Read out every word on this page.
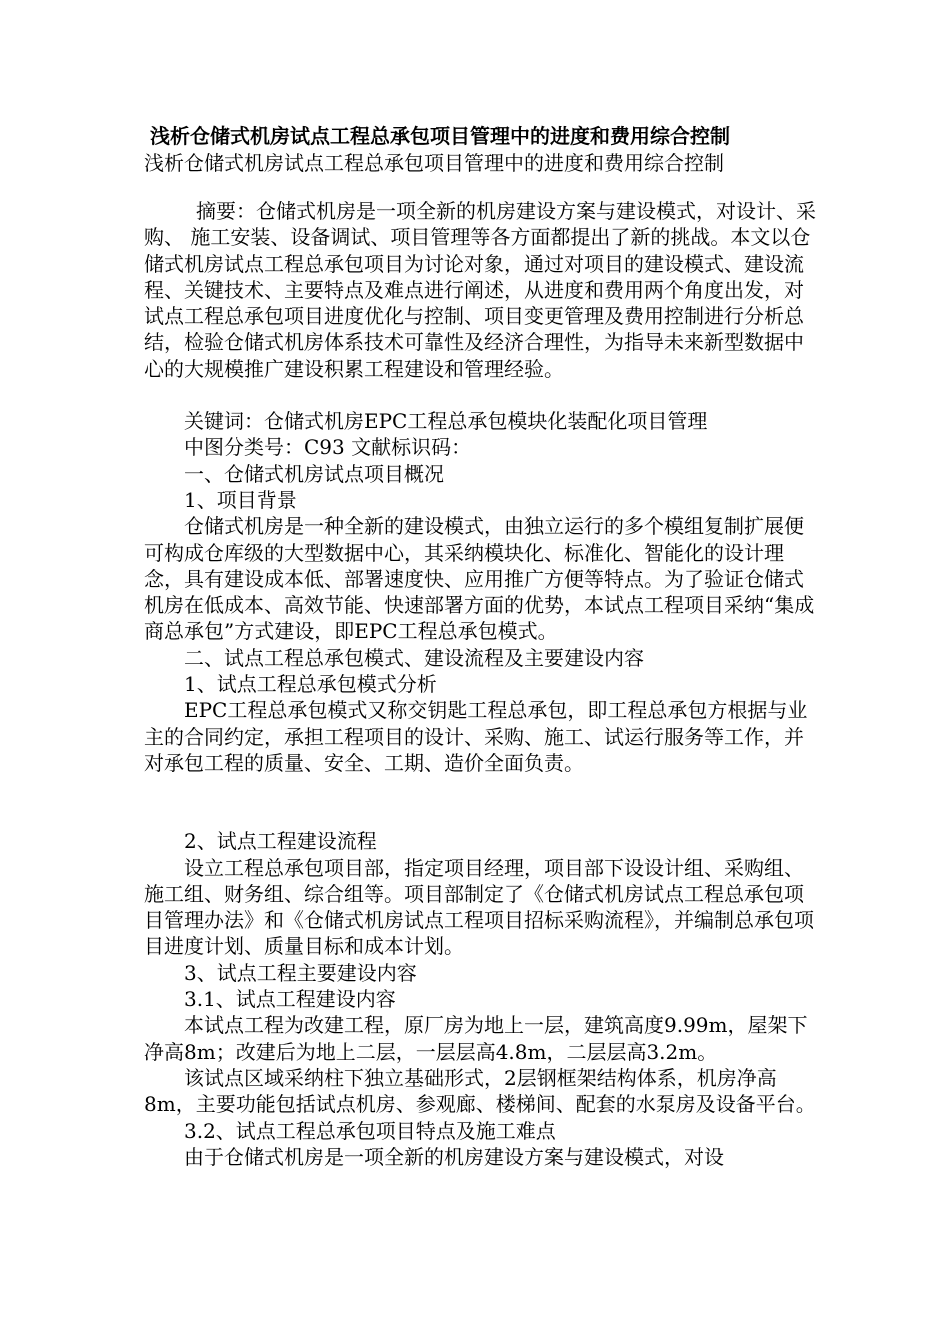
浅析仓储式机房试点工程总承包项目管理中的进度和费用综合控制
浅析仓储式机房试点工程总承包项目管理中的进度和费用综合控制

摘要：仓储式机房是一项全新的机房建设方案与建设模式，对设计、采购、 施工安装、设备调试、项目管理等各方面都提出了新的挑战。本文以仓储式机房试点工程总承包项目为讨论对象，通过对项目的建设模式、建设流程、关键技术、主要特点及难点进行阐述，从进度和费用两个角度出发，对试点工程总承包项目进度优化与控制、项目变更管理及费用控制进行分析总结，检验仓储式机房体系技术可靠性及经济合理性，为指导未来新型数据中心的大规模推广建设积累工程建设和管理经验。

关键词：仓储式机房EPC工程总承包模块化装配化项目管理

中图分类号：C93 文献标识码：

一、仓储式机房试点项目概况

1、项目背景

仓储式机房是一种全新的建设模式，由独立运行的多个模组复制扩展便可构成仓库级的大型数据中心，其采纳模块化、标准化、智能化的设计理念，具有建设成本低、部署速度快、应用推广方便等特点。为了验证仓储式机房在低成本、高效节能、快速部署方面的优势，本试点工程项目采纳“集成商总承包”方式建设，即EPC工程总承包模式。

二、试点工程总承包模式、建设流程及主要建设内容

1、试点工程总承包模式分析

EPC工程总承包模式又称交钥匙工程总承包，即工程总承包方根据与业主的合同约定，承担工程项目的设计、采购、施工、试运行服务等工作，并对承包工程的质量、安全、工期、造价全面负责。

2、试点工程建设流程

设立工程总承包项目部，指定项目经理，项目部下设设计组、采购组、施工组、财务组、综合组等。项目部制定了《仓储式机房试点工程总承包项目管理办法》和《仓储式机房试点工程项目招标采购流程》，并编制总承包项目进度计划、质量目标和成本计划。

3、试点工程主要建设内容

3.1、试点工程建设内容

本试点工程为改建工程，原厂房为地上一层，建筑高度9.99m，屋架下净高8m；改建后为地上二层，一层层高4.8m，二层层高3.2m。

该试点区域采纳柱下独立基础形式，2层钢框架结构体系，机房净高8m，主要功能包括试点机房、参观廊、楼梯间、配套的水泵房及设备平台。

3.2、试点工程总承包项目特点及施工难点

由于仓储式机房是一项全新的机房建设方案与建设模式，对设
